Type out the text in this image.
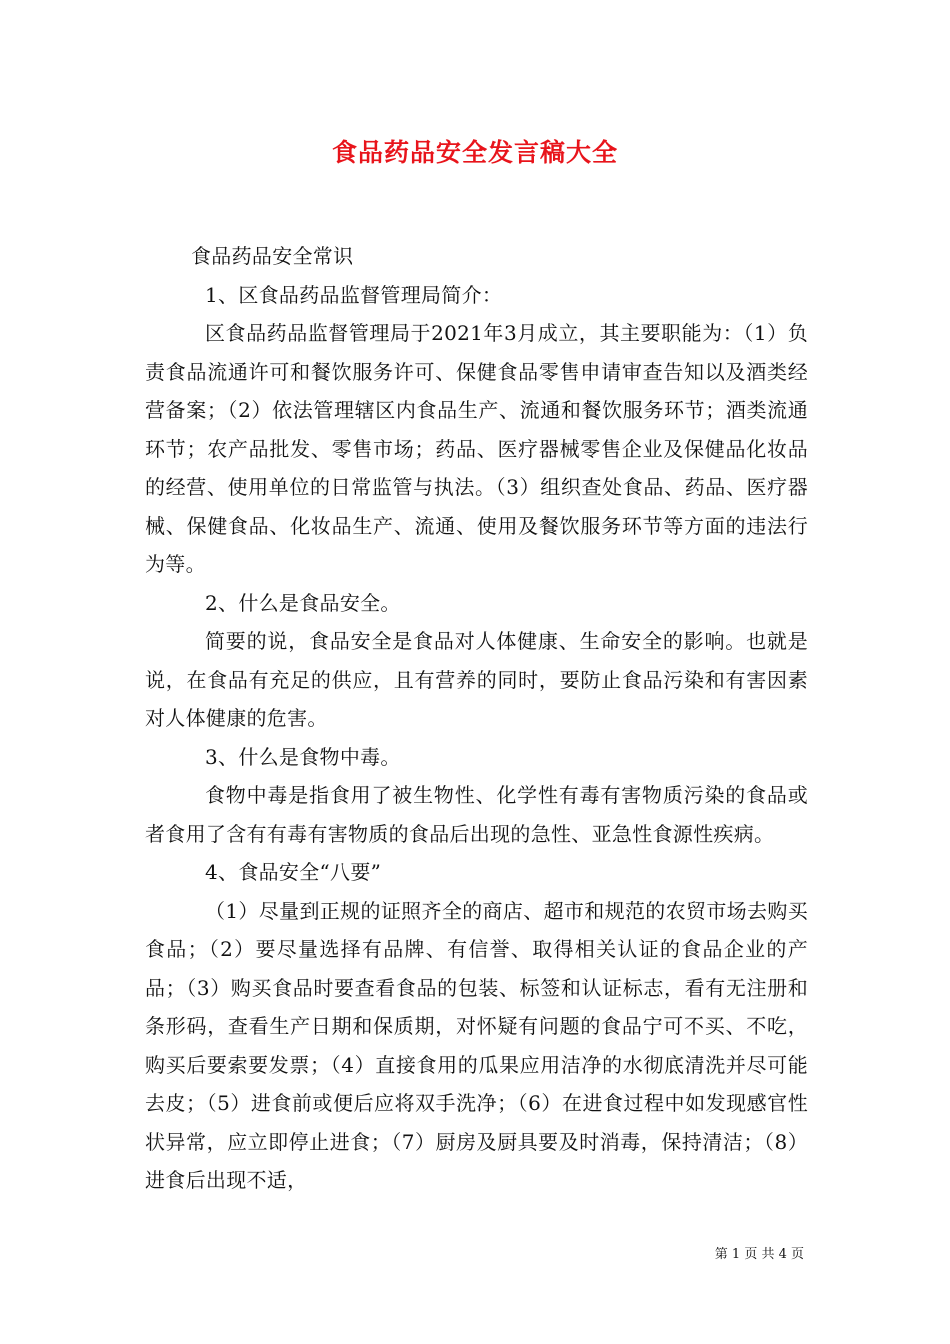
食品药品安全发言稿大全

食品药品安全常识

1、区食品药品监督管理局简介：

区食品药品监督管理局于2021年3月成立，其主要职能为：（1）负责食品流通许可和餐饮服务许可、保健食品零售申请审查告知以及酒类经营备案；（2）依法管理辖区内食品生产、流通和餐饮服务环节；酒类流通环节；农产品批发、零售市场；药品、医疗器械零售企业及保健品化妆品的经营、使用单位的日常监管与执法。（3）组织查处食品、药品、医疗器械、保健食品、化妆品生产、流通、使用及餐饮服务环节等方面的违法行为等。

2、什么是食品安全。

简要的说，食品安全是食品对人体健康、生命安全的影响。也就是说，在食品有充足的供应，且有营养的同时，要防止食品污染和有害因素对人体健康的危害。

3、什么是食物中毒。

食物中毒是指食用了被生物性、化学性有毒有害物质污染的食品或者食用了含有有毒有害物质的食品后出现的急性、亚急性食源性疾病。

4、食品安全“八要”

（1）尽量到正规的证照齐全的商店、超市和规范的农贸市场去购买食品；（2）要尽量选择有品牌、有信誉、取得相关认证的食品企业的产品；（3）购买食品时要查看食品的包装、标签和认证标志，看有无注册和条形码，查看生产日期和保质期，对怀疑有问题的食品宁可不买、不吃，购买后要索要发票；（4）直接食用的瓜果应用洁净的水彻底清洗并尽可能去皮；（5）进食前或便后应将双手洗净；（6）在进食过程中如发现感官性状异常，应立即停止进食；（7）厨房及厨具要及时消毒，保持清洁；（8）进食后出现不适，

第 1 页 共 4 页
